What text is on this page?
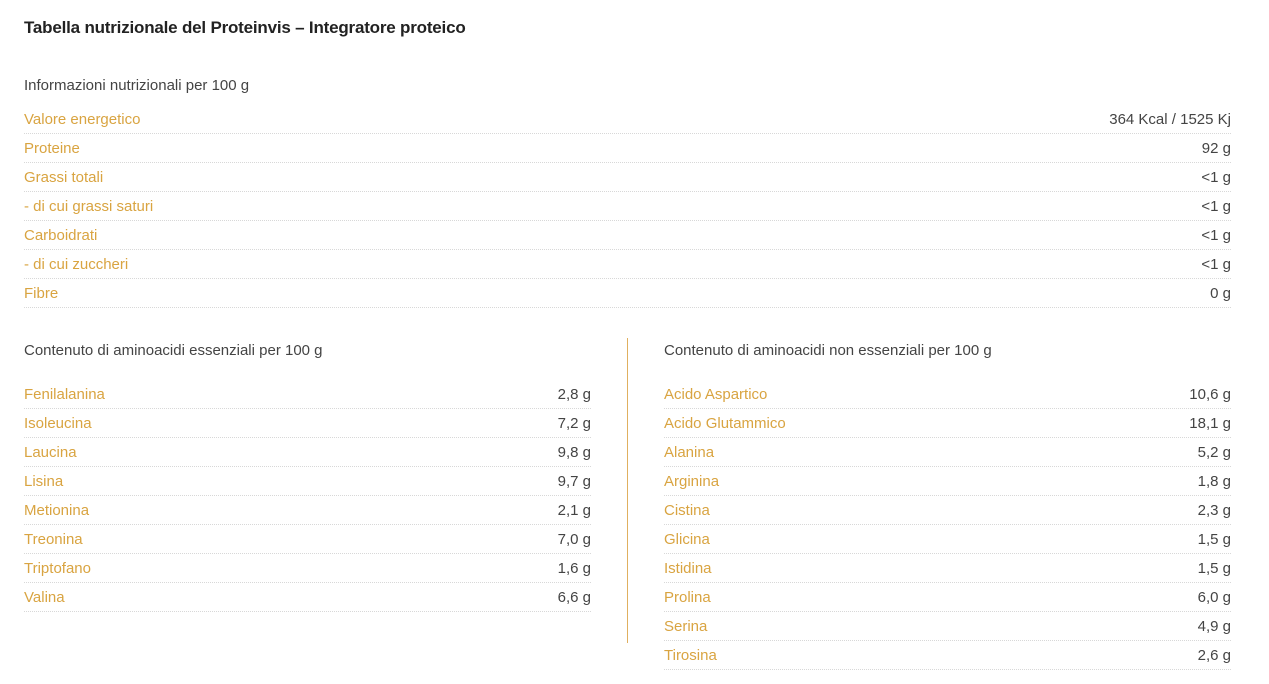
Tabella nutrizionale del Proteinvis – Integratore proteico
Informazioni nutrizionali per 100 g
Valore energetico	364 Kcal / 1525 Kj
Proteine	92 g
Grassi totali	<1 g
- di cui grassi saturi	<1 g
Carboidrati	<1 g
- di cui zuccheri	<1 g
Fibre	0 g
Contenuto di aminoacidi essenziali per 100 g
Fenilalanina	2,8 g
Isoleucina	7,2 g
Laucina	9,8 g
Lisina	9,7 g
Metionina	2,1 g
Treonina	7,0 g
Triptofano	1,6 g
Valina	6,6 g
Contenuto di aminoacidi non essenziali per 100 g
Acido Aspartico	10,6 g
Acido Glutammico	18,1 g
Alanina	5,2 g
Arginina	1,8 g
Cistina	2,3 g
Glicina	1,5 g
Istidina	1,5 g
Prolina	6,0 g
Serina	4,9 g
Tirosina	2,6 g
